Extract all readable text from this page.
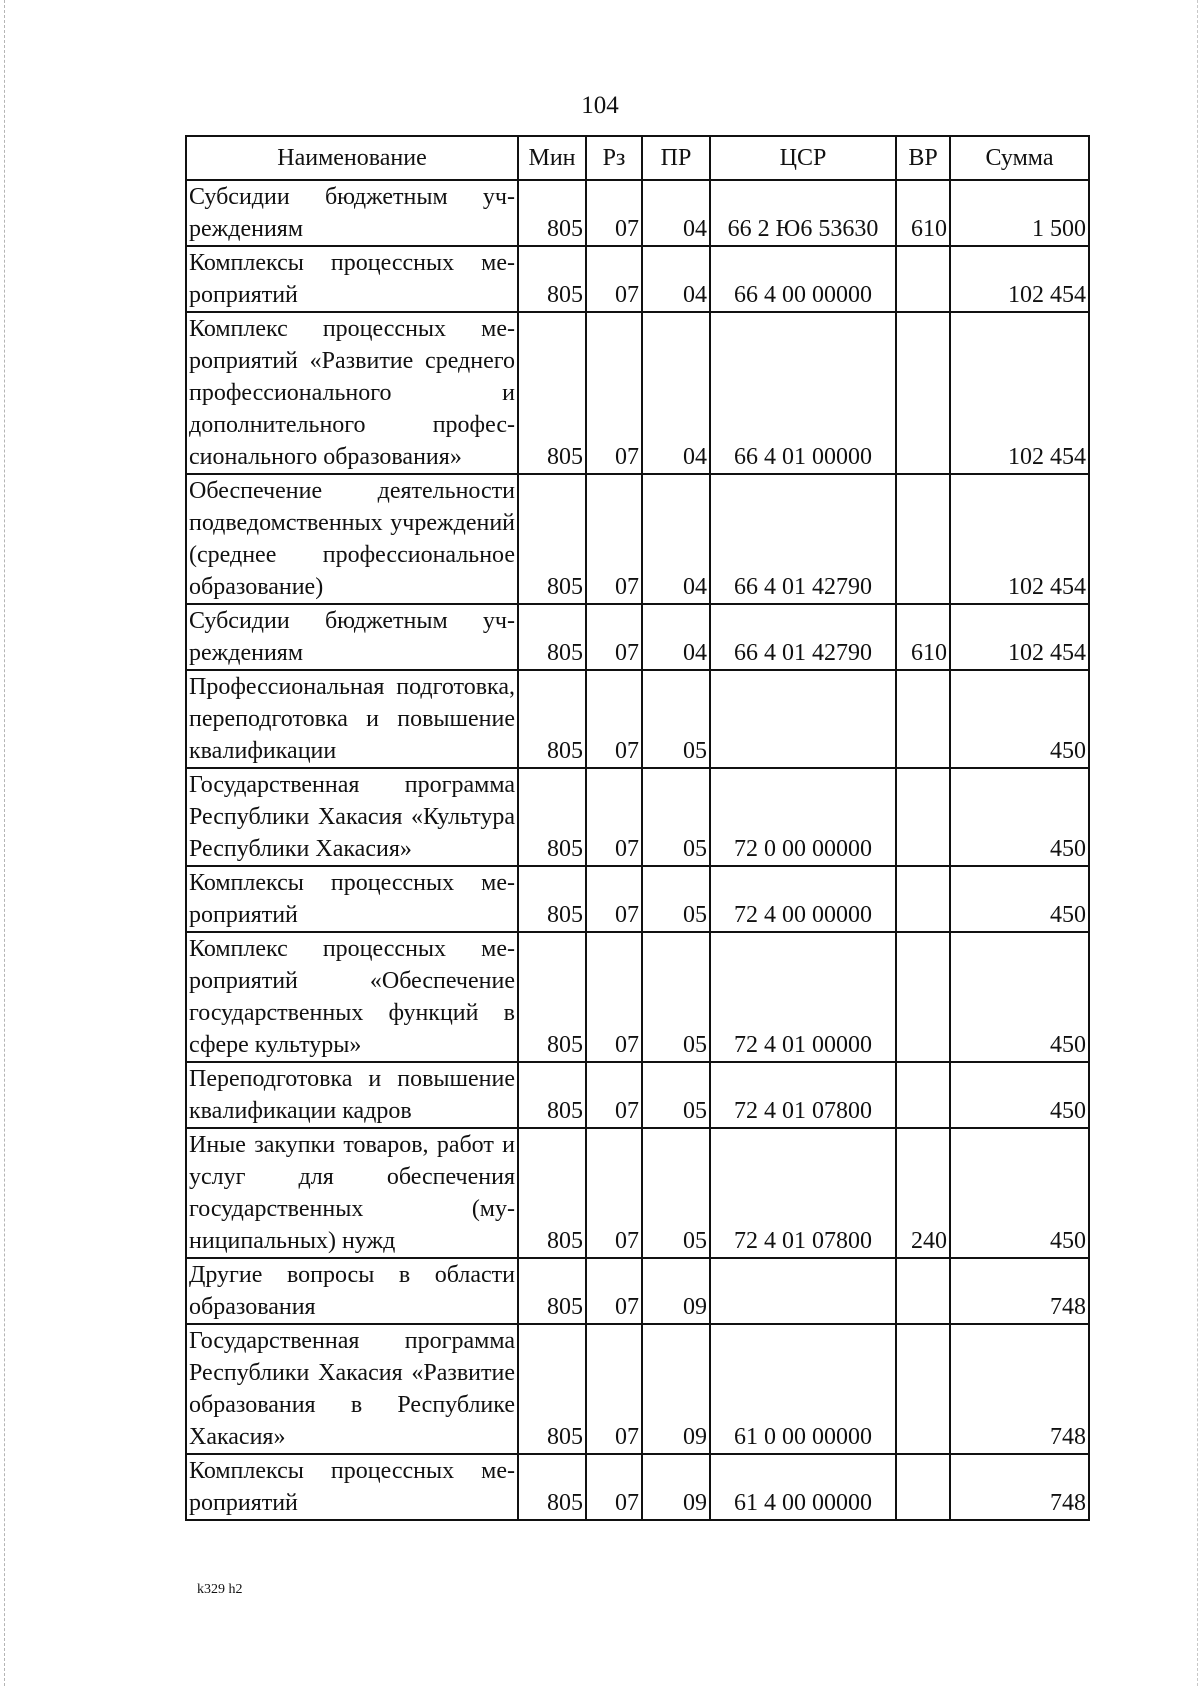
104
Наименование	Мин	Рз	ПР	ЦСР	ВР	Сумма
Субсидии бюджетным учреждениям	805	07	04	66 2 Ю6 53630	610	1 500
Комплексы процессных мероприятий	805	07	04	66 4 00 00000		102 454
Комплекс процессных мероприятий «Развитие среднего профессионального и дополнительного профессионального образования»	805	07	04	66 4 01 00000		102 454
Обеспечение деятельности подведомственных учреждений (среднее профессиональное образование)	805	07	04	66 4 01 42790		102 454
Субсидии бюджетным учреждениям	805	07	04	66 4 01 42790	610	102 454
Профессиональная подготовка, переподготовка и повышение квалификации	805	07	05			450
Государственная программа Республики Хакасия «Культура Республики Хакасия»	805	07	05	72 0 00 00000		450
Комплексы процессных мероприятий	805	07	05	72 4 00 00000		450
Комплекс процессных мероприятий «Обеспечение государственных функций в сфере культуры»	805	07	05	72 4 01 00000		450
Переподготовка и повышение квалификации кадров	805	07	05	72 4 01 07800		450
Иные закупки товаров, работ и услуг для обеспечения государственных (муниципальных) нужд	805	07	05	72 4 01 07800	240	450
Другие вопросы в области образования	805	07	09			748
Государственная программа Республики Хакасия «Развитие образования в Республике Хакасия»	805	07	09	61 0 00 00000		748
Комплексы процессных мероприятий	805	07	09	61 4 00 00000		748
k329 h2
